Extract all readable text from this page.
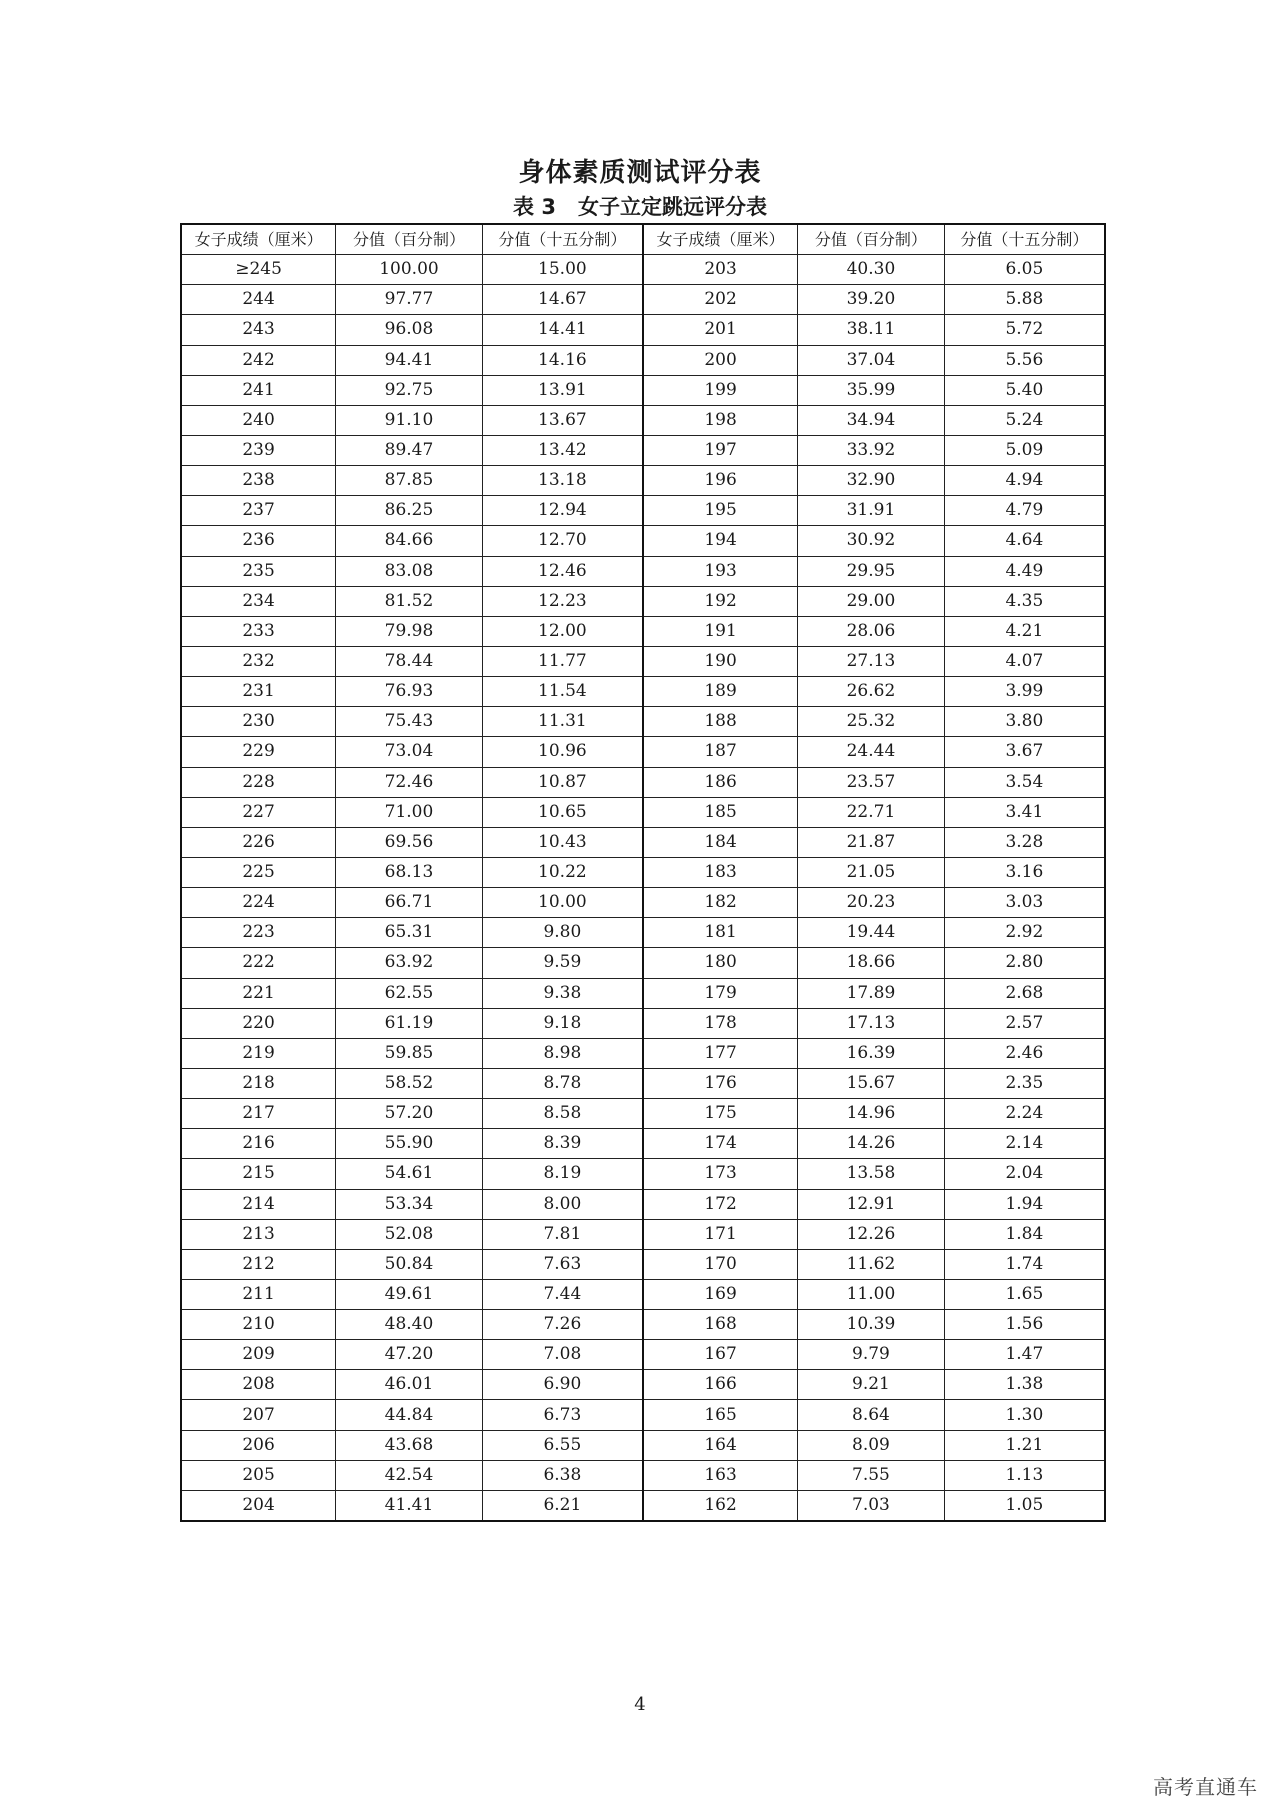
身体素质测试评分表
表 3 女子立定跳远评分表
女子成绩（厘米）	分值（百分制）	分值（十五分制）	女子成绩（厘米）	分值（百分制）	分值（十五分制）
≥245	100.00	15.00	203	40.30	6.05
244	97.77	14.67	202	39.20	5.88
243	96.08	14.41	201	38.11	5.72
242	94.41	14.16	200	37.04	5.56
241	92.75	13.91	199	35.99	5.40
240	91.10	13.67	198	34.94	5.24
239	89.47	13.42	197	33.92	5.09
238	87.85	13.18	196	32.90	4.94
237	86.25	12.94	195	31.91	4.79
236	84.66	12.70	194	30.92	4.64
235	83.08	12.46	193	29.95	4.49
234	81.52	12.23	192	29.00	4.35
233	79.98	12.00	191	28.06	4.21
232	78.44	11.77	190	27.13	4.07
231	76.93	11.54	189	26.62	3.99
230	75.43	11.31	188	25.32	3.80
229	73.04	10.96	187	24.44	3.67
228	72.46	10.87	186	23.57	3.54
227	71.00	10.65	185	22.71	3.41
226	69.56	10.43	184	21.87	3.28
225	68.13	10.22	183	21.05	3.16
224	66.71	10.00	182	20.23	3.03
223	65.31	9.80	181	19.44	2.92
222	63.92	9.59	180	18.66	2.80
221	62.55	9.38	179	17.89	2.68
220	61.19	9.18	178	17.13	2.57
219	59.85	8.98	177	16.39	2.46
218	58.52	8.78	176	15.67	2.35
217	57.20	8.58	175	14.96	2.24
216	55.90	8.39	174	14.26	2.14
215	54.61	8.19	173	13.58	2.04
214	53.34	8.00	172	12.91	1.94
213	52.08	7.81	171	12.26	1.84
212	50.84	7.63	170	11.62	1.74
211	49.61	7.44	169	11.00	1.65
210	48.40	7.26	168	10.39	1.56
209	47.20	7.08	167	9.79	1.47
208	46.01	6.90	166	9.21	1.38
207	44.84	6.73	165	8.64	1.30
206	43.68	6.55	164	8.09	1.21
205	42.54	6.38	163	7.55	1.13
204	41.41	6.21	162	7.03	1.05
4
高考直通车
